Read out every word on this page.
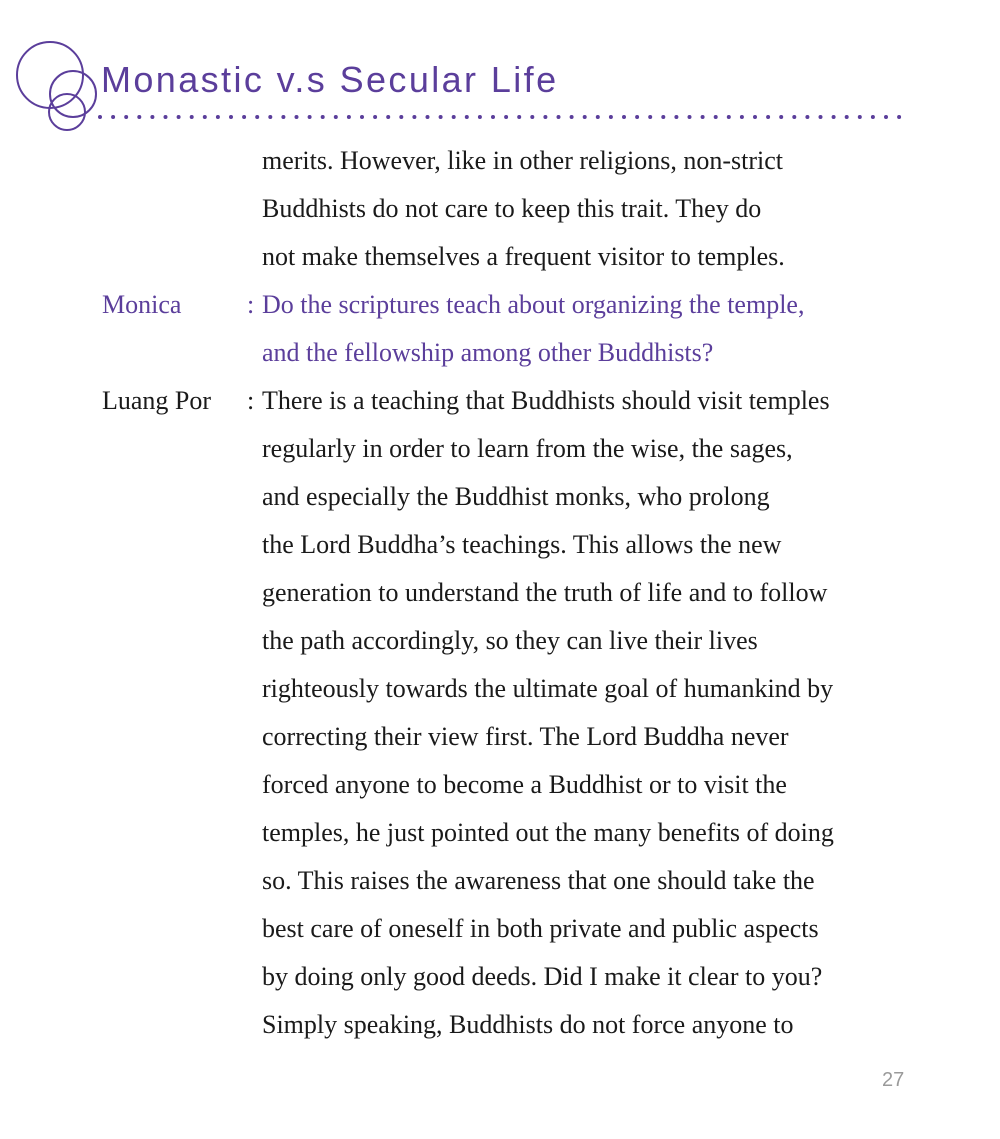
Monastic v.s Secular Life
merits. However, like in other religions, non-strict
Buddhists do not care to keep this trait. They do
not make themselves a frequent visitor to temples.
Monica	: Do the scriptures teach about organizing the temple,
and the fellowship among other Buddhists?
Luang Por : There is a teaching that Buddhists should visit temples
regularly in order to learn from the wise, the sages,
and especially the Buddhist monks, who prolong
the Lord Buddha’s teachings. This allows the new
generation to understand the truth of life and to follow
the path accordingly, so they can live their lives
righteously towards the ultimate goal of humankind by
correcting their view first. The Lord Buddha never
forced anyone to become a Buddhist or to visit the
temples, he just pointed out the many benefits of doing
so. This raises the awareness that one should take the
best care of oneself in both private and public aspects
by doing only good deeds. Did I make it clear to you?
Simply speaking, Buddhists do not force anyone to
27
